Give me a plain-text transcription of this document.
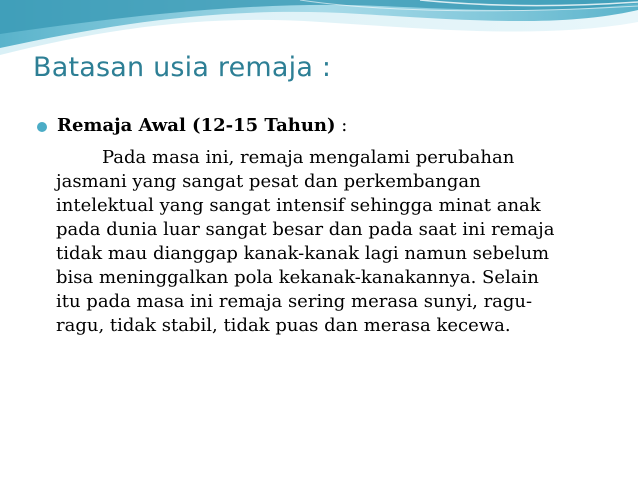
Batasan usia remaja :
Remaja Awal (12-15 Tahun) :
Pada masa ini, remaja mengalami perubahan
jasmani yang sangat pesat dan perkembangan
intelektual yang sangat intensif sehingga minat anak
pada dunia luar sangat besar dan pada saat ini remaja
tidak mau dianggap kanak-kanak lagi namun sebelum
bisa meninggalkan pola kekanak-kanakannya. Selain
itu pada masa ini remaja sering merasa sunyi, ragu-
ragu, tidak stabil, tidak puas dan merasa kecewa.
